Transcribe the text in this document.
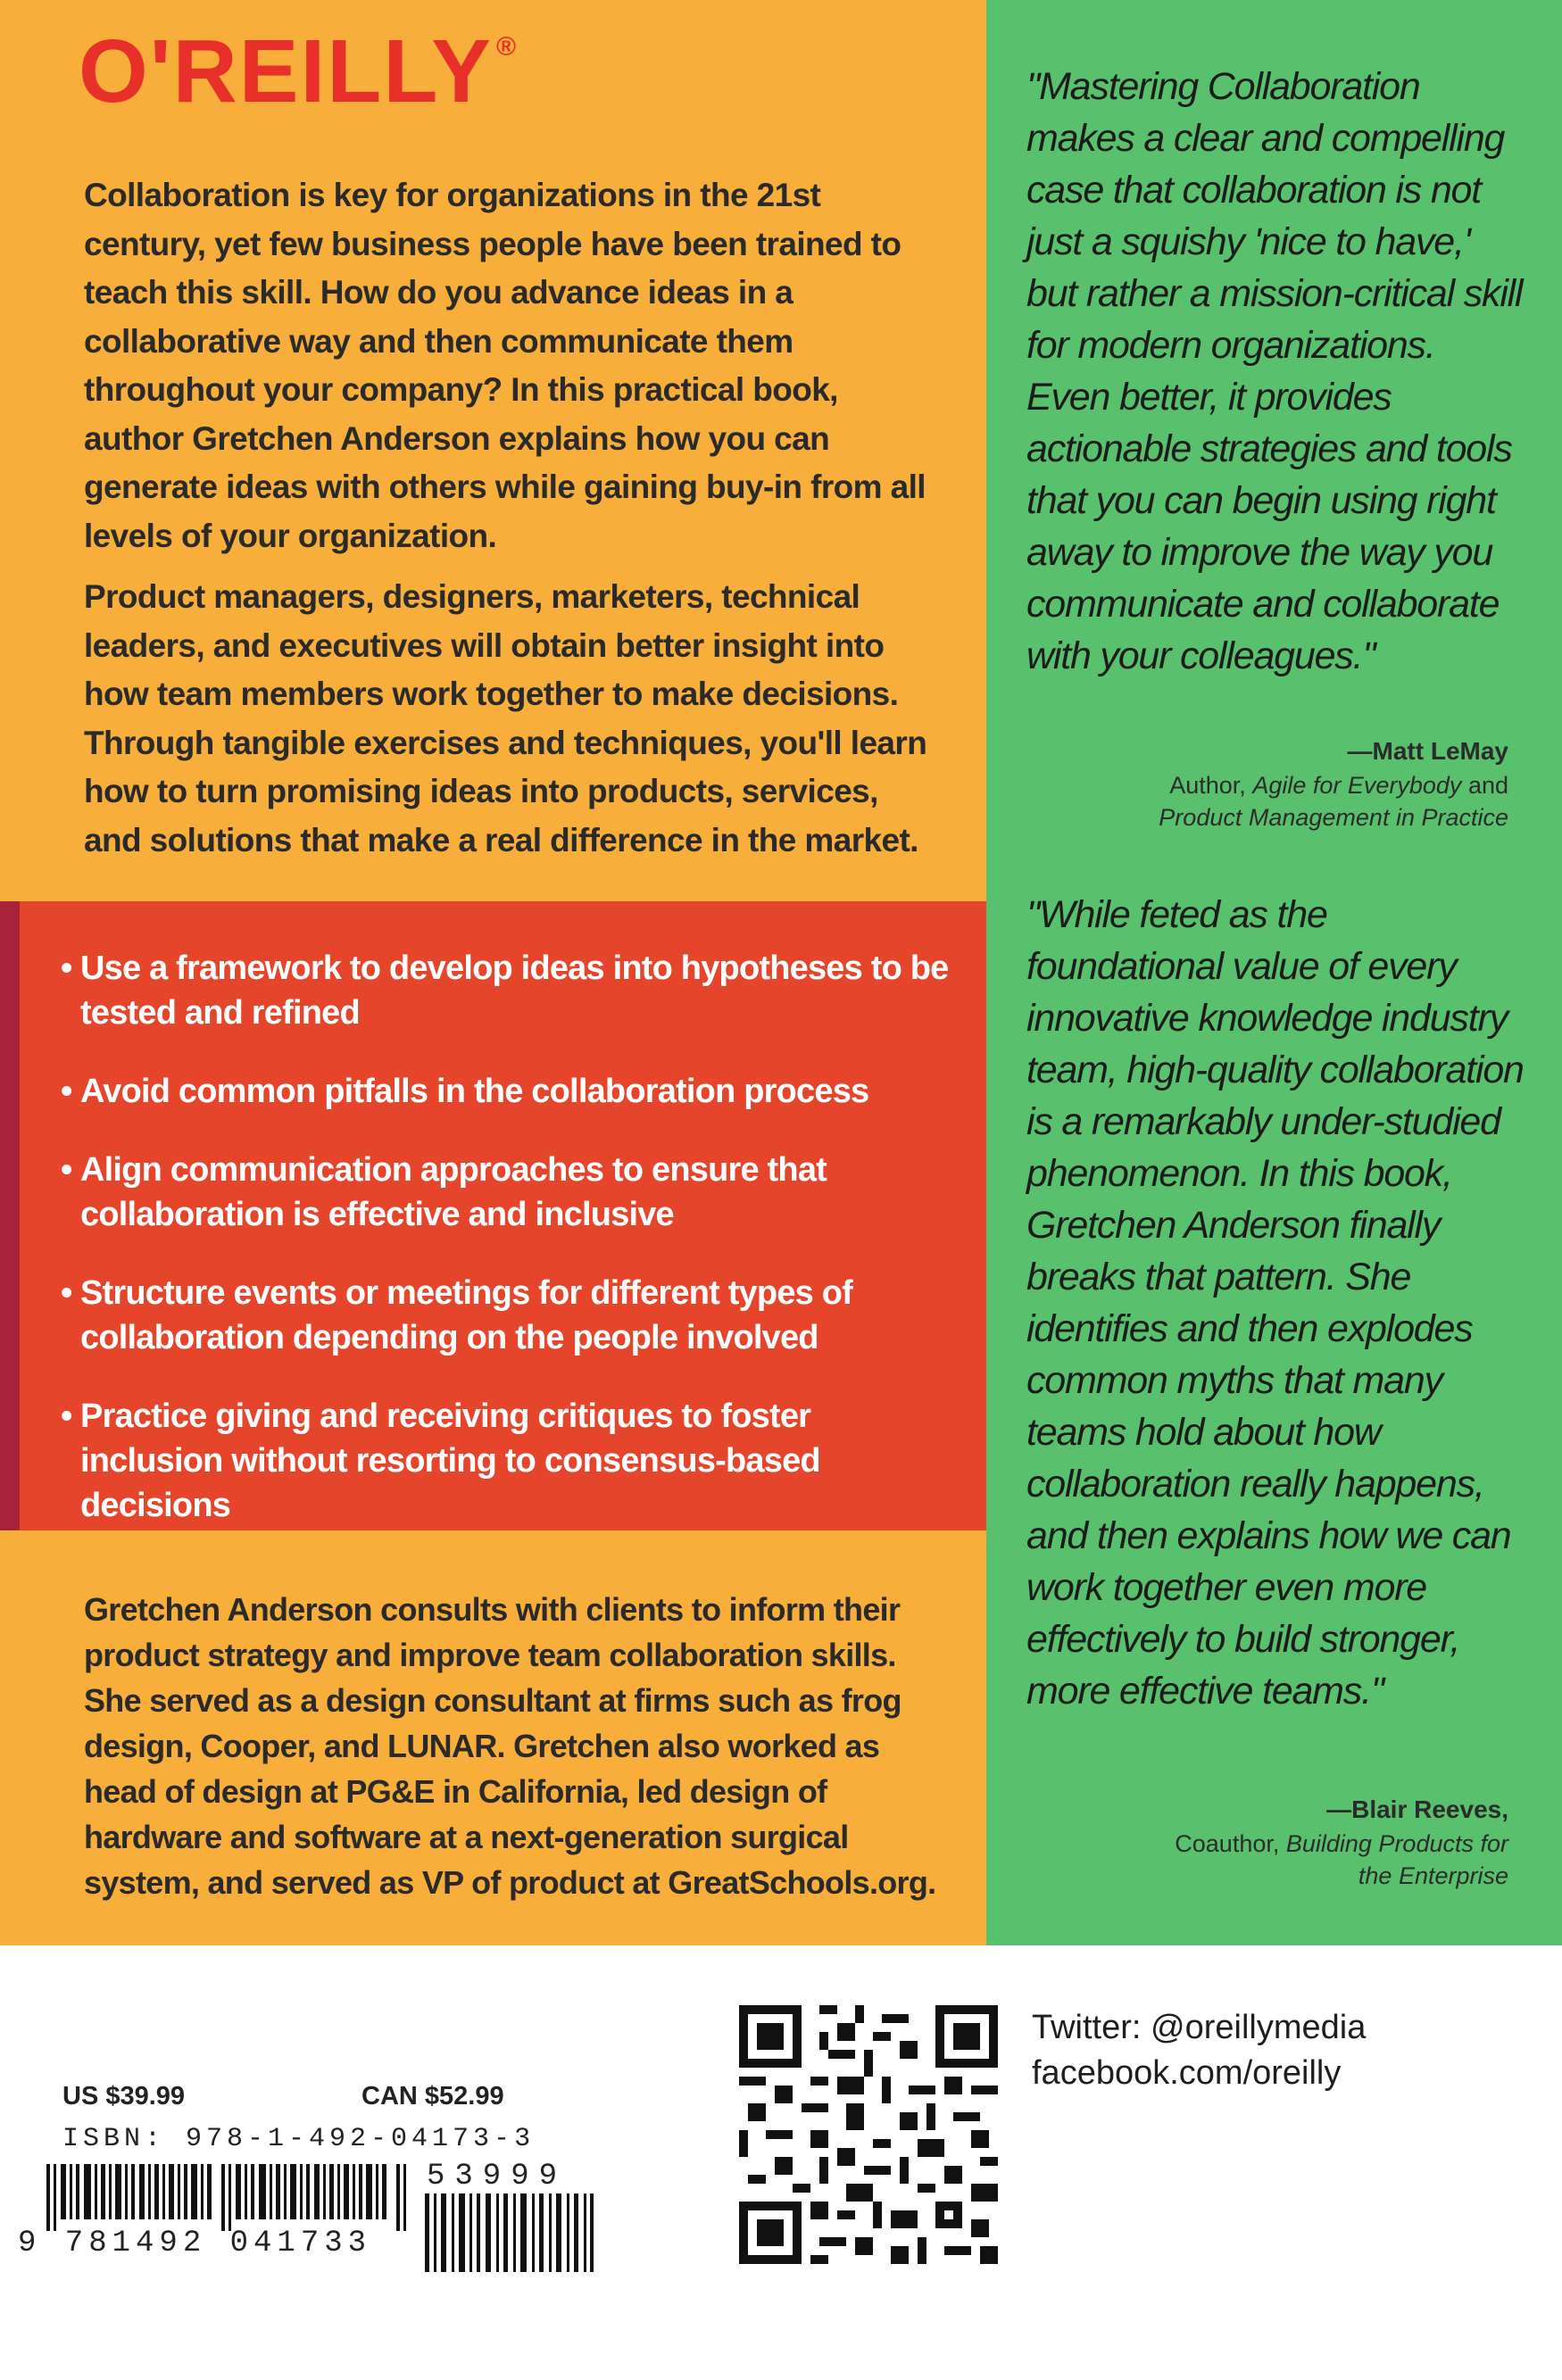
O'REILLY ®

Collaboration is key for organizations in the 21st century, yet few business people have been trained to teach this skill. How do you advance ideas in a collaborative way and then communicate them throughout your company? In this practical book, author Gretchen Anderson explains how you can generate ideas with others while gaining buy-in from all levels of your organization.

Product managers, designers, marketers, technical leaders, and executives will obtain better insight into how team members work together to make decisions. Through tangible exercises and techniques, you'll learn how to turn promising ideas into products, services, and solutions that make a real difference in the market.

• Use a framework to develop ideas into hypotheses to be tested and refined
• Avoid common pitfalls in the collaboration process
• Align communication approaches to ensure that collaboration is effective and inclusive
• Structure events or meetings for different types of collaboration depending on the people involved
• Practice giving and receiving critiques to foster inclusion without resorting to consensus-based decisions

Gretchen Anderson consults with clients to inform their product strategy and improve team collaboration skills. She served as a design consultant at firms such as frog design, Cooper, and LUNAR. Gretchen also worked as head of design at PG&E in California, led design of hardware and software at a next-generation surgical system, and served as VP of product at GreatSchools.org.

"Mastering Collaboration makes a clear and compelling case that collaboration is not just a squishy 'nice to have,' but rather a mission-critical skill for modern organizations. Even better, it provides actionable strategies and tools that you can begin using right away to improve the way you communicate and collaborate with your colleagues."

—Matt LeMay
Author, Agile for Everybody and
Product Management in Practice

"While feted as the foundational value of every innovative knowledge industry team, high-quality collaboration is a remarkably under-studied phenomenon. In this book, Gretchen Anderson finally breaks that pattern. She identifies and then explodes common myths that many teams hold about how collaboration really happens, and then explains how we can work together even more effectively to build stronger, more effective teams."

—Blair Reeves,
Coauthor, Building Products for
the Enterprise
US $39.99	CAN $52.99
ISBN: 978-1-492-04173-3
9 781492 041733
53999
Twitter: @oreillymedia
facebook.com/oreilly
